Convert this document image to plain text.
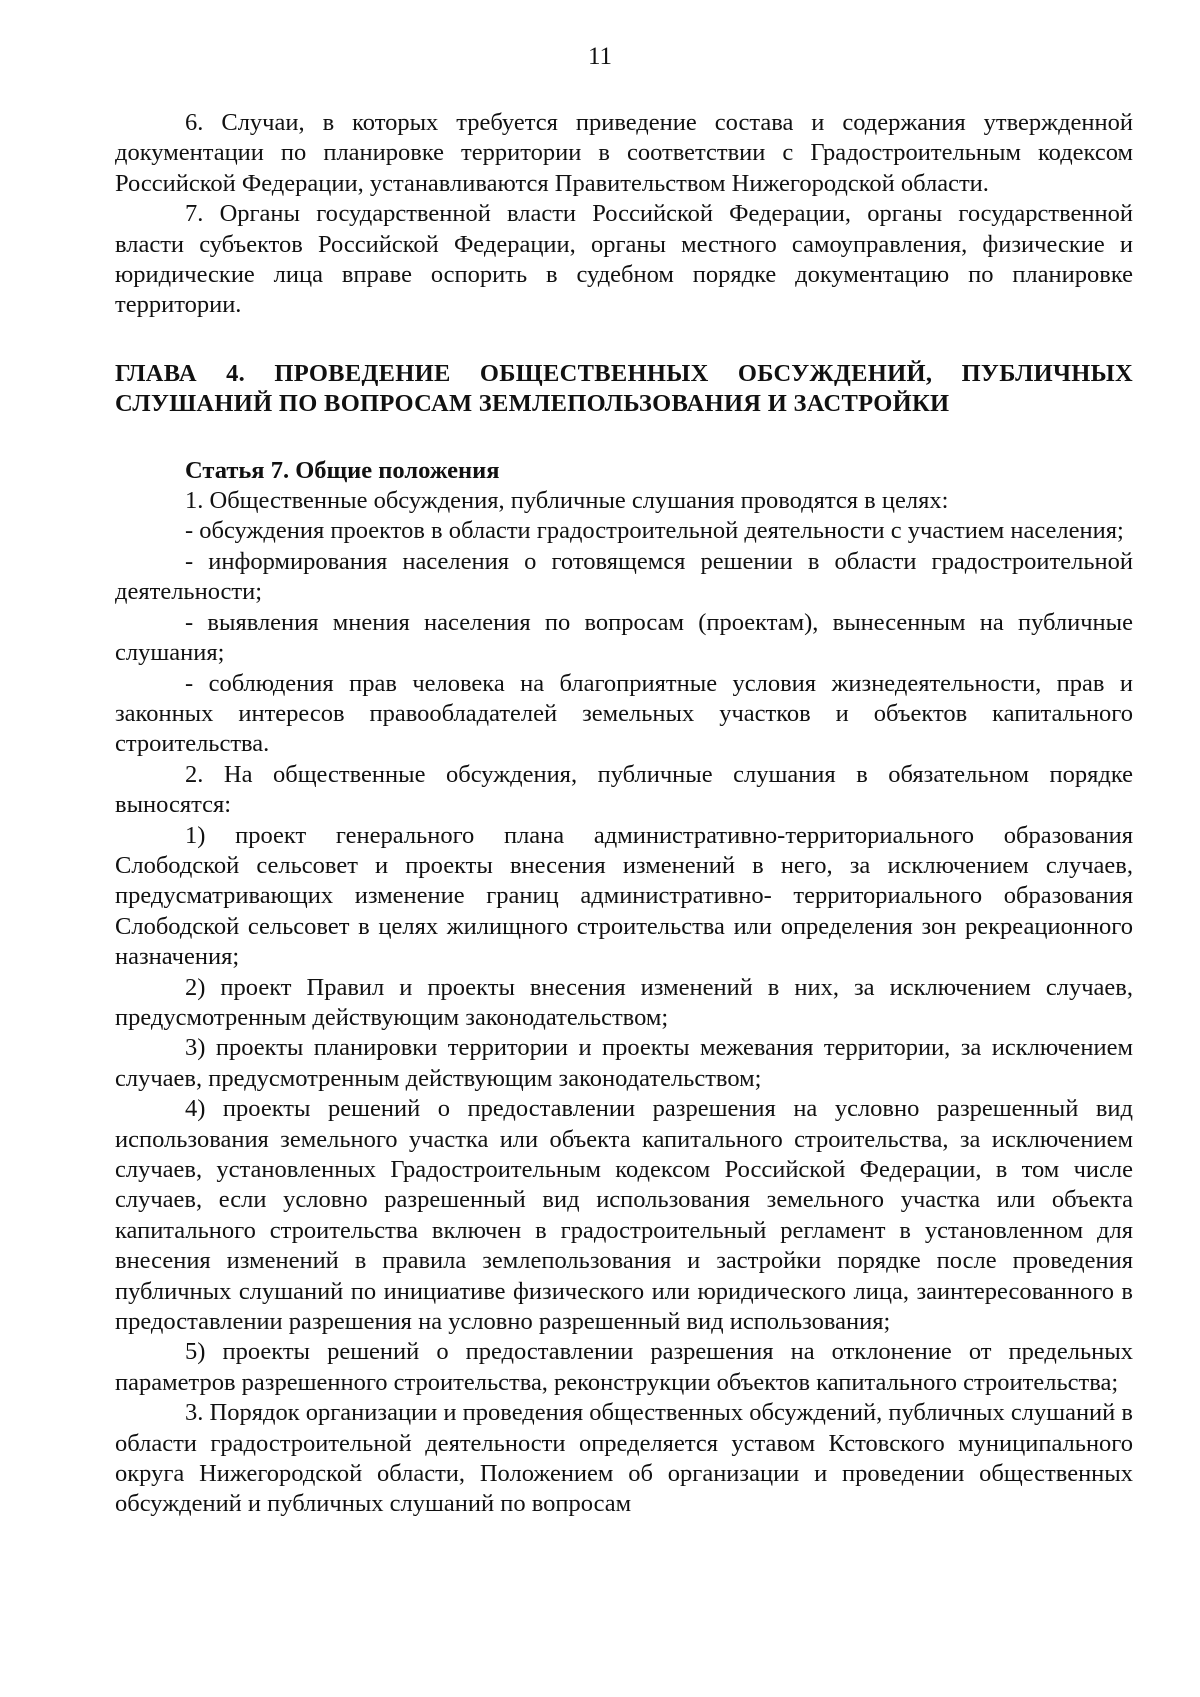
11

6. Случаи, в которых требуется приведение состава и содержания утвержденной документации по планировке территории в соответствии с Градостроительным кодексом Российской Федерации, устанавливаются Правительством Нижегородской области.

7. Органы государственной власти Российской Федерации, органы государственной власти субъектов Российской Федерации, органы местного самоуправления, физические и юридические лица вправе оспорить в судебном порядке документацию по планировке территории.

ГЛАВА 4. ПРОВЕДЕНИЕ ОБЩЕСТВЕННЫХ ОБСУЖДЕНИЙ, ПУБЛИЧНЫХ СЛУШАНИЙ ПО ВОПРОСАМ ЗЕМЛЕПОЛЬЗОВАНИЯ И ЗАСТРОЙКИ
Статья 7. Общие положения

1. Общественные обсуждения, публичные слушания проводятся в целях:

- обсуждения проектов в области градостроительной деятельности с участием населения;

- информирования населения о готовящемся решении в области градостроительной деятельности;

- выявления мнения населения по вопросам (проектам), вынесенным на публичные слушания;

- соблюдения прав человека на благоприятные условия жизнедеятельности, прав и законных интересов правообладателей земельных участков и объектов капитального строительства.

2. На общественные обсуждения, публичные слушания в обязательном порядке выносятся:

1) проект генерального плана административно-территориального образования Слободской сельсовет и проекты внесения изменений в него, за исключением случаев, предусматривающих изменение границ административно- территориального образования Слободской сельсовет в целях жилищного строительства или определения зон рекреационного назначения;

2) проект Правил и проекты внесения изменений в них, за исключением случаев, предусмотренным действующим законодательством;

3) проекты планировки территории и проекты межевания территории, за исключением случаев, предусмотренным действующим законодательством;

4) проекты решений о предоставлении разрешения на условно разрешенный вид использования земельного участка или объекта капитального строительства, за исключением случаев, установленных Градостроительным кодексом Российской Федерации, в том числе случаев, если условно разрешенный вид использования земельного участка или объекта капитального строительства включен в градостроительный регламент в установленном для внесения изменений в правила землепользования и застройки порядке после проведения публичных слушаний по инициативе физического или юридического лица, заинтересованного в предоставлении разрешения на условно разрешенный вид использования;

5) проекты решений о предоставлении разрешения на отклонение от предельных параметров разрешенного строительства, реконструкции объектов капитального строительства;

3. Порядок организации и проведения общественных обсуждений, публичных слушаний в области градостроительной деятельности определяется уставом Кстовского муниципального округа Нижегородской области, Положением об организации и проведении общественных обсуждений и публичных слушаний по вопросам
